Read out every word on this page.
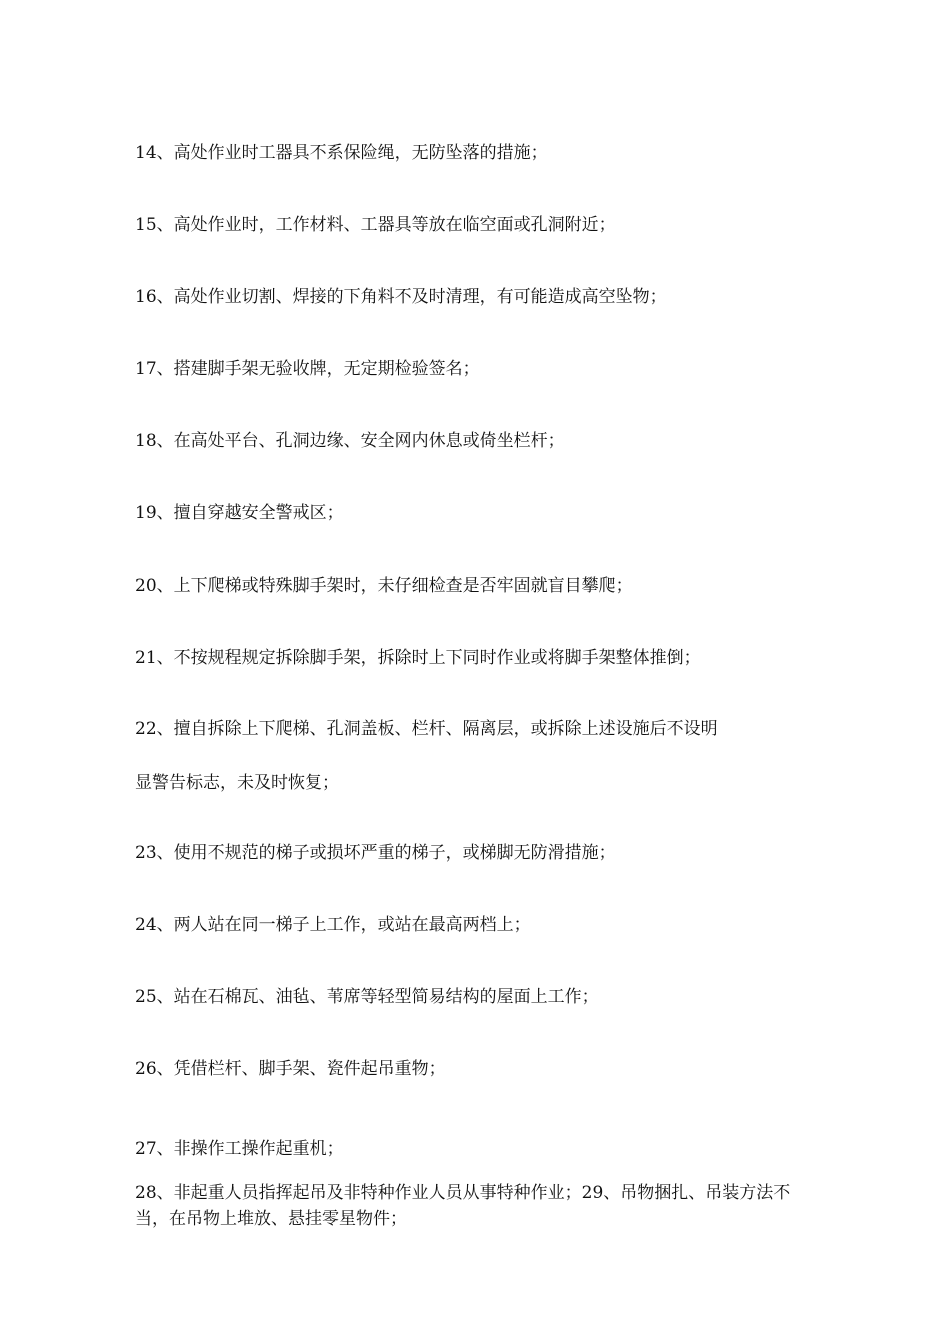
14、高处作业时工器具不系保险绳，无防坠落的措施；
15、高处作业时，工作材料、工器具等放在临空面或孔洞附近；
16、高处作业切割、焊接的下角料不及时清理，有可能造成高空坠物；
17、搭建脚手架无验收牌，无定期检验签名；
18、在高处平台、孔洞边缘、安全网内休息或倚坐栏杆；
19、擅自穿越安全警戒区；
20、上下爬梯或特殊脚手架时，未仔细检查是否牢固就盲目攀爬；
21、不按规程规定拆除脚手架，拆除时上下同时作业或将脚手架整体推倒；
22、擅自拆除上下爬梯、孔洞盖板、栏杆、隔离层，或拆除上述设施后不设明
显警告标志，未及时恢复；
23、使用不规范的梯子或损坏严重的梯子，或梯脚无防滑措施；
24、两人站在同一梯子上工作，或站在最高两档上；
25、站在石棉瓦、油毡、苇席等轻型简易结构的屋面上工作；
26、凭借栏杆、脚手架、瓷件起吊重物；
27、非操作工操作起重机；
28、非起重人员指挥起吊及非特种作业人员从事特种作业；29、吊物捆扎、吊装方法不当，在吊物上堆放、悬挂零星物件；
